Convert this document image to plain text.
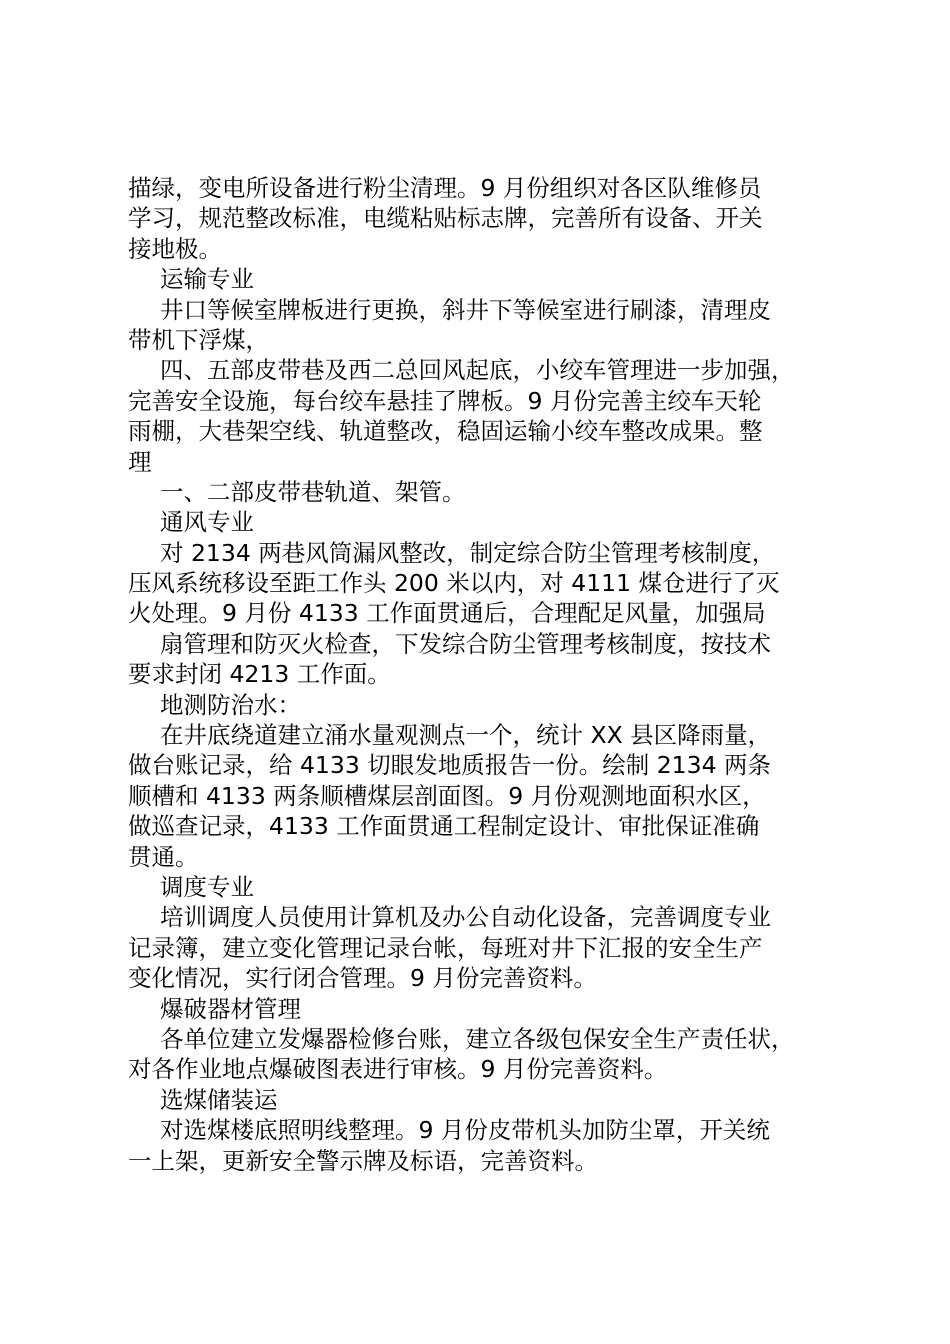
描绿，变电所设备进行粉尘清理。9 月份组织对各区队维修员
学习，规范整改标准，电缆粘贴标志牌，完善所有设备、开关
接地极。
运输专业
井口等候室牌板进行更换，斜井下等候室进行刷漆，清理皮
带机下浮煤，
四、五部皮带巷及西二总回风起底，小绞车管理进一步加强，
完善安全设施，每台绞车悬挂了牌板。9 月份完善主绞车天轮
雨棚，大巷架空线、轨道整改，稳固运输小绞车整改成果。整
理
一、二部皮带巷轨道、架管。
通风专业
对 2134 两巷风筒漏风整改，制定综合防尘管理考核制度，
压风系统移设至距工作头 200 米以内，对 4111 煤仓进行了灭
火处理。9 月份 4133 工作面贯通后，合理配足风量，加强局
扇管理和防灭火检查，下发综合防尘管理考核制度，按技术
要求封闭 4213 工作面。
地测防治水：
在井底绕道建立涌水量观测点一个，统计 XX 县区降雨量，
做台账记录，给 4133 切眼发地质报告一份。绘制 2134 两条
顺槽和 4133 两条顺槽煤层剖面图。9 月份观测地面积水区，
做巡查记录，4133 工作面贯通工程制定设计、审批保证准确
贯通。
调度专业
培训调度人员使用计算机及办公自动化设备，完善调度专业
记录簿，建立变化管理记录台帐，每班对井下汇报的安全生产
变化情况，实行闭合管理。9 月份完善资料。
爆破器材管理
各单位建立发爆器检修台账，建立各级包保安全生产责任状，
对各作业地点爆破图表进行审核。9 月份完善资料。
选煤储装运
对选煤楼底照明线整理。9 月份皮带机头加防尘罩，开关统
一上架，更新安全警示牌及标语，完善资料。
